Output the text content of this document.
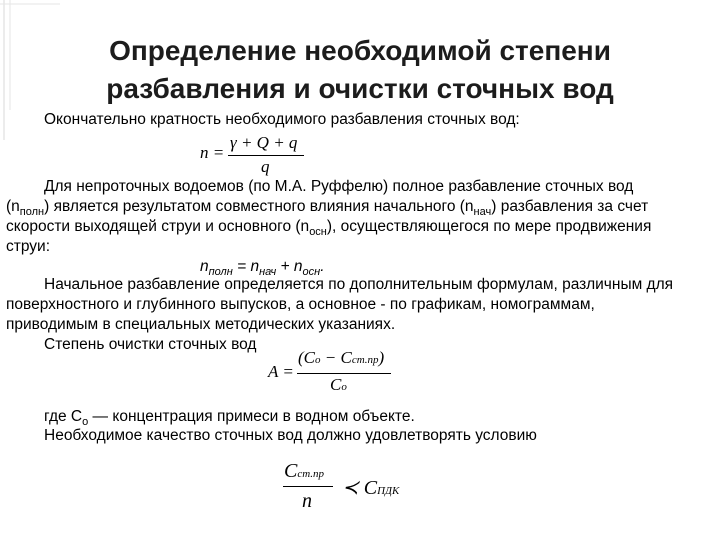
Определение необходимой степени
разбавления и очистки сточных вод
Окончательно кратность необходимого разбавления сточных вод:
n =
γ + Q + q
q
Для непроточных водоемов (по М.А. Руффелю) полное разбавление сточных вод
$(n_{полн})$ является результатом совместного влияния начального $(n_{нач})$ разбавления за счет
скорости выходящей струи и основного $(n_{осн})$, осуществляющегося по мере продвижения
струи:
$n_{полн} = n_{нач} + n_{осн}$.
Начальное разбавление определяется по дополнительным формулам, различным для
поверхностного и глубинного выпусков, а основное - по графикам, номограммам,
приводимым в специальных методических указаниях.
Степень очистки сточных вод
A =
(Cо − Cст.пр)
Cо
где $C_о$ — концентрация примеси в водном объекте.
Необходимое качество сточных вод должно удовлетворять условию
Cст.пр
n
≺ CПДК
